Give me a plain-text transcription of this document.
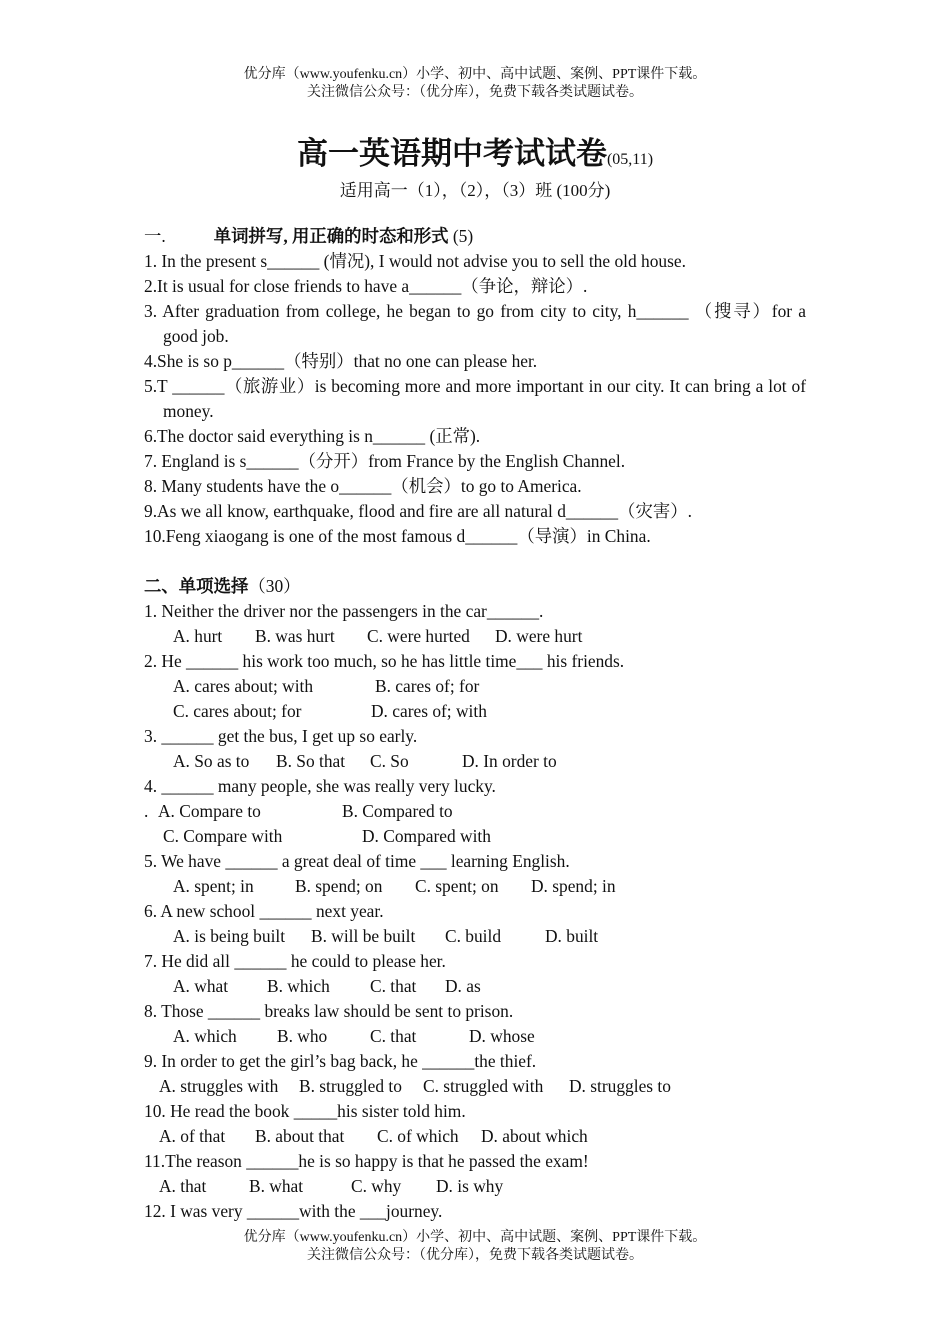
优分库（www.youfenku.cn）小学、初中、高中试题、案例、PPT课件下载。
关注微信公众号：（优分库），免费下载各类试题试卷。
高一英语期中考试试卷(05,11)
适用高一（1），（2），（3）班 (100分)
一.	单词拼写, 用正确的时态和形式 (5)
1. In the present s______ (情况), I would not advise you to sell the old house.
2.It is usual for close friends to have a______（争论，辩论）.
3. After graduation from college, he began to go from city to city, h______ （搜寻）for a good job.
4.She is so p______（特别）that no one can please her.
5.T ______（旅游业）is becoming more and more important in our city. It can bring a lot of money.
6.The doctor said everything is n______ (正常).
7. England is s______（分开）from France by the English Channel.
8. Many students have the o______（机会）to go to America.
9.As we all know, earthquake, flood and fire are all natural d______（灾害）.
10.Feng xiaogang is one of the most famous d______（导演）in China.
二、单项选择（30）
1. Neither the driver nor the passengers in the car______.
A. hurt B. was hurt C. were hurted D. were hurt
2. He ______ his work too much, so he has little time___ his friends.
A. cares about; with	B. cares of; for
C. cares about; for	D. cares of; with
3. ______ get the bus, I get up so early.
A. So as to B. So that C. So	D. In order to
4. ______ many people, she was really very lucky.
. A. Compare to	B. Compared to
C. Compare with	D. Compared with
5. We have ______ a great deal of time ___ learning English.
A. spent; in B. spend; on C. spent; on D. spend; in
6. A new school ______ next year.
A. is being built B. will be built C. build	D. built
7. He did all ______ he could to please her.
A. what B. which C. that D. as
8. Those ______ breaks law should be sent to prison.
A. which B. who C. that	D. whose
9. In order to get the girl’s bag back, he ______the thief.
A. struggles with B. struggled to C. struggled with D. struggles to
10. He read the book _____his sister told him.
A. of that B. about that C. of which D. about which
11.The reason ______he is so happy is that he passed the exam!
A. that B. what	C. why D. is why
12. I was very ______with the ___journey.
优分库（www.youfenku.cn）小学、初中、高中试题、案例、PPT课件下载。
关注微信公众号：（优分库），免费下载各类试题试卷。
